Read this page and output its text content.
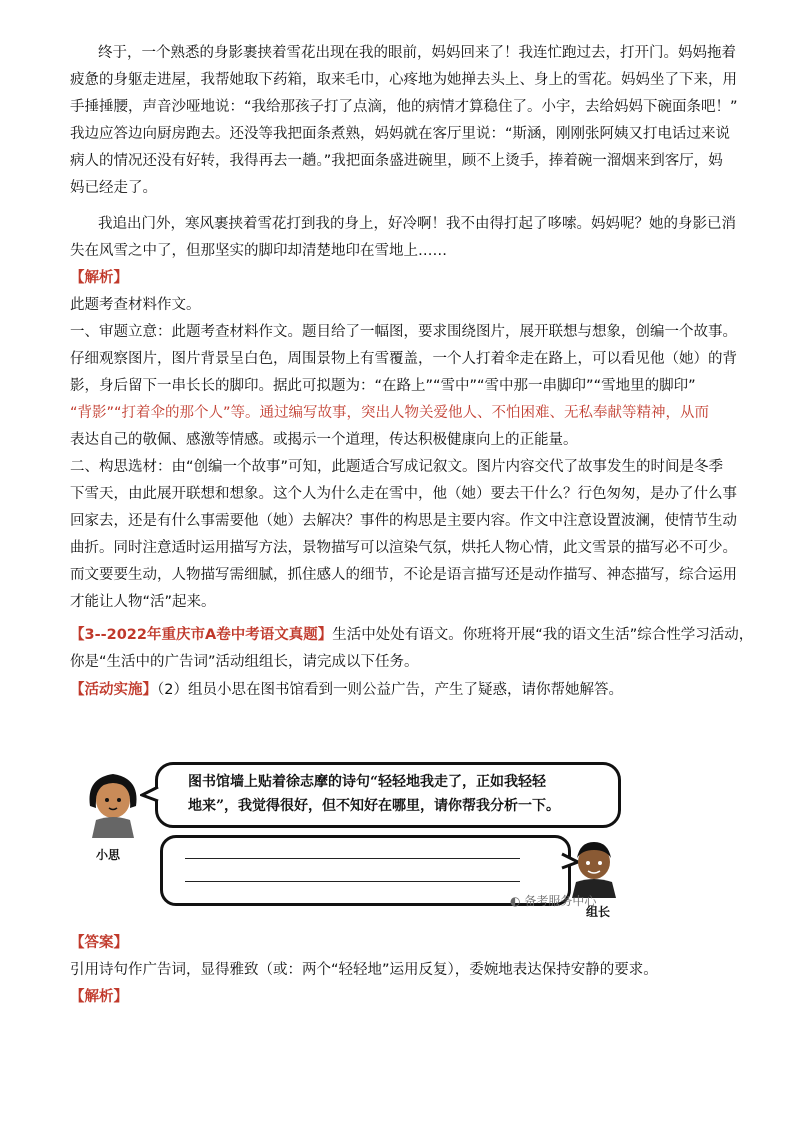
终于，一个熟悉的身影裹挟着雪花出现在我的眼前，妈妈回来了！我连忙跑过去，打开门。妈妈拖着
疲惫的身躯走进屋，我帮她取下药箱，取来毛巾，心疼地为她掸去头上、身上的雪花。妈妈坐了下来，用
手捶捶腰，声音沙哑地说：“我给那孩子打了点滴，他的病情才算稳住了。小宇，去给妈妈下碗面条吧！”
我边应答边向厨房跑去。还没等我把面条煮熟，妈妈就在客厅里说：“斯涵，刚刚张阿姨又打电话过来说
病人的情况还没有好转，我得再去一趟。”我把面条盛进碗里，顾不上烫手，捧着碗一溜烟来到客厅，妈
妈已经走了。
我追出门外，寒风裹挟着雪花打到我的身上，好冷啊！我不由得打起了哆嗦。妈妈呢？她的身影已消
失在风雪之中了，但那坚实的脚印却清楚地印在雪地上……
【解析】
此题考查材料作文。
一、审题立意：此题考查材料作文。题目给了一幅图，要求围绕图片，展开联想与想象，创编一个故事。
仔细观察图片，图片背景呈白色，周围景物上有雪覆盖，一个人打着伞走在路上，可以看见他（她）的背
影，身后留下一串长长的脚印。据此可拟题为：“在路上”“雪中”“雪中那一串脚印”“雪地里的脚印”
“背影”“打着伞的那个人”等。通过编写故事，突出人物关爱他人、不怕困难、无私奉献等精神，从而
表达自己的敬佩、感激等情感。或揭示一个道理，传达积极健康向上的正能量。
二、构思选材：由“创编一个故事”可知，此题适合写成记叙文。图片内容交代了故事发生的时间是冬季
下雪天，由此展开联想和想象。这个人为什么走在雪中，他（她）要去干什么？行色匆匆，是办了什么事
回家去，还是有什么事需要他（她）去解决？事件的构思是主要内容。作文中注意设置波澜，使情节生动
曲折。同时注意适时运用描写方法，景物描写可以渲染气氛，烘托人物心情，此文雪景的描写必不可少。
而文要要生动，人物描写需细腻，抓住感人的细节，不论是语言描写还是动作描写、神态描写，综合运用
才能让人物“活”起来。
【3--2022年重庆市A卷中考语文真题】生活中处处有语文。你班将开展“我的语文生活”综合性学习活动，
你是“生活中的广告词”活动组组长，请完成以下任务。
【活动实施】（2）组员小思在图书馆看到一则公益广告，产生了疑惑，请你帮她解答。
小思
图书馆墙上贴着徐志摩的诗句“轻轻地我走了，正如我轻轻
地来”，我觉得很好，但不知好在哪里，请你帮我分析一下。
组长
◐ 备考服务中心
【答案】
引用诗句作广告词，显得雅致（或：两个“轻轻地”运用反复），委婉地表达保持安静的要求。
【解析】
